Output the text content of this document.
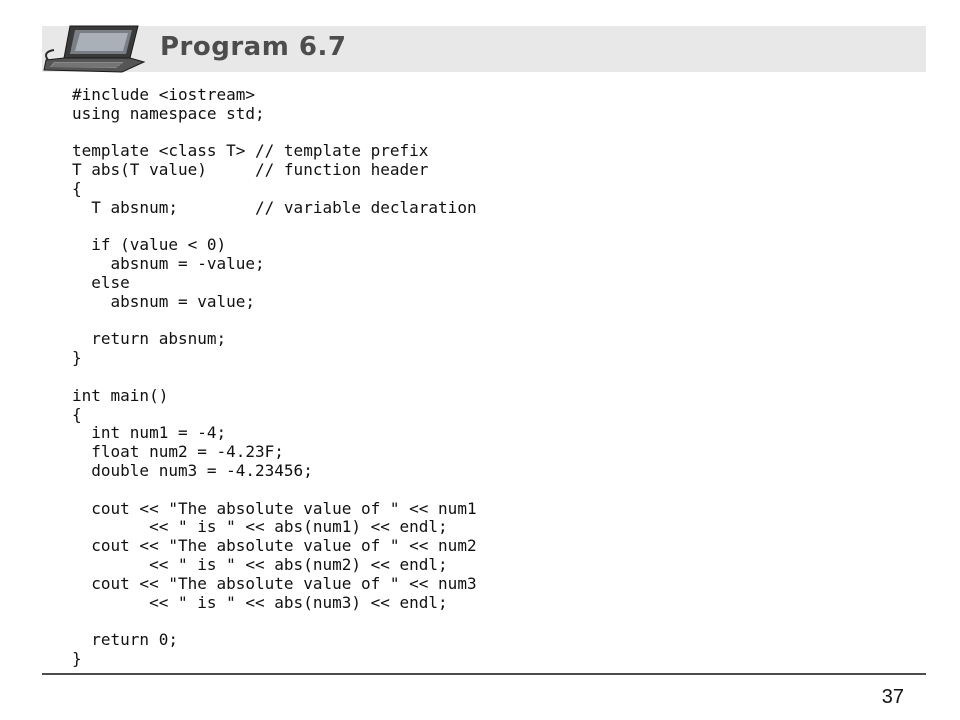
Program 6.7
#include <iostream>
using namespace std;
template <class T> // template prefix
T abs(T value)     // function header
{
T absnum;        // variable declaration
if (value < 0)
absnum = -value;
else
absnum = value;
return absnum;
}
int main()
{
int num1 = -4;
float num2 = -4.23F;
double num3 = -4.23456;
cout << "The absolute value of " << num1
<< " is " << abs(num1) << endl;
cout << "The absolute value of " << num2
<< " is " << abs(num2) << endl;
cout << "The absolute value of " << num3
<< " is " << abs(num3) << endl;
return 0;
}
37
